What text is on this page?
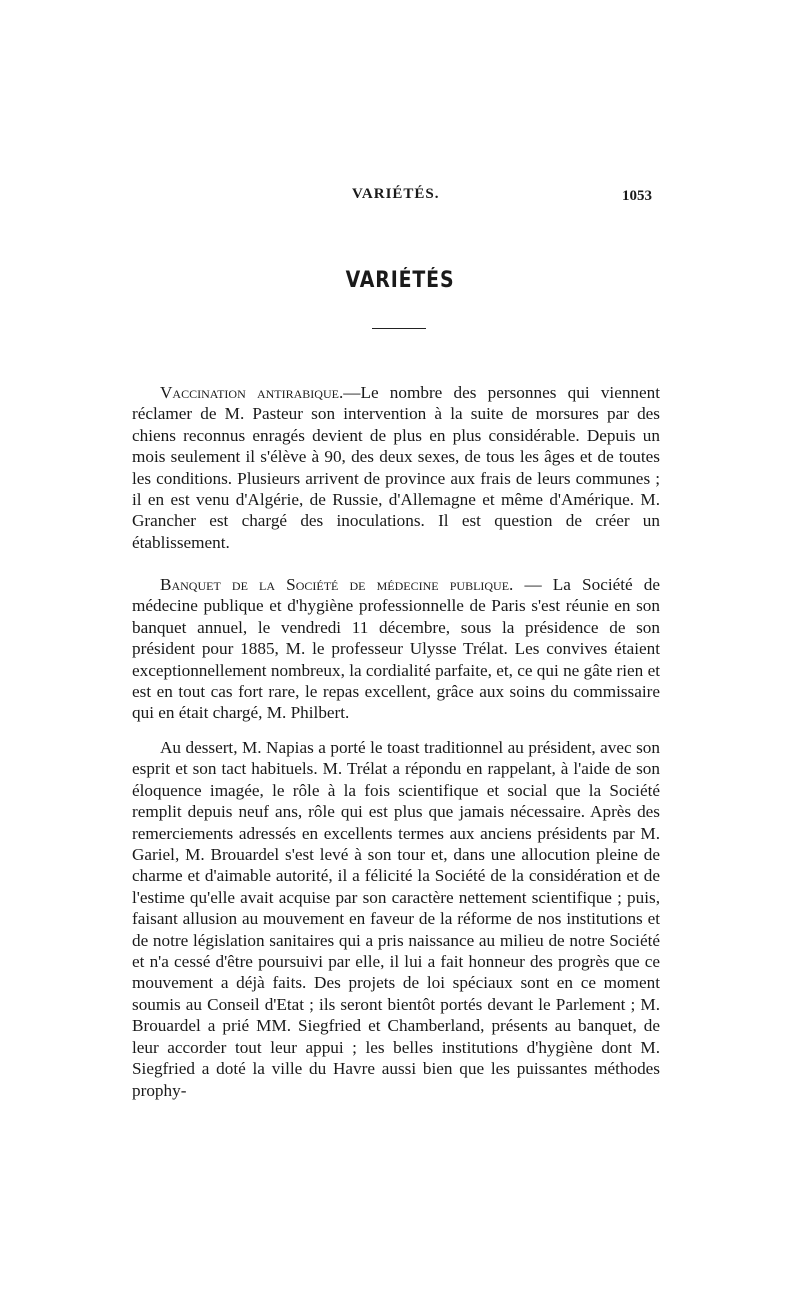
VARIÉTÉS.	1053
VARIÉTÉS

Vaccination antirabique.—Le nombre des personnes qui viennent réclamer de M. Pasteur son intervention à la suite de morsures par des chiens reconnus enragés devient de plus en plus considérable. Depuis un mois seulement il s'élève à 90, des deux sexes, de tous les âges et de toutes les conditions. Plusieurs arrivent de province aux frais de leurs communes ; il en est venu d'Algérie, de Russie, d'Allemagne et même d'Amérique. M. Grancher est chargé des inoculations. Il est question de créer un établissement.

Banquet de la Société de médecine publique. — La Société de médecine publique et d'hygiène professionnelle de Paris s'est réunie en son banquet annuel, le vendredi 11 décembre, sous la présidence de son président pour 1885, M. le professeur Ulysse Trélat. Les convives étaient exceptionnellement nombreux, la cordialité parfaite, et, ce qui ne gâte rien et est en tout cas fort rare, le repas excellent, grâce aux soins du commissaire qui en était chargé, M. Philbert.

Au dessert, M. Napias a porté le toast traditionnel au président, avec son esprit et son tact habituels. M. Trélat a répondu en rappelant, à l'aide de son éloquence imagée, le rôle à la fois scientifique et social que la Société remplit depuis neuf ans, rôle qui est plus que jamais nécessaire. Après des remerciements adressés en excellents termes aux anciens présidents par M. Gariel, M. Brouardel s'est levé à son tour et, dans une allocution pleine de charme et d'aimable autorité, il a félicité la Société de la considération et de l'estime qu'elle avait acquise par son caractère nettement scientifique ; puis, faisant allusion au mouvement en faveur de la réforme de nos institutions et de notre législation sanitaires qui a pris naissance au milieu de notre Société et n'a cessé d'être poursuivi par elle, il lui a fait honneur des progrès que ce mouvement a déjà faits. Des projets de loi spéciaux sont en ce moment soumis au Conseil d'Etat ; ils seront bientôt portés devant le Parlement ; M. Brouardel a prié MM. Siegfried et Chamberland, présents au banquet, de leur accorder tout leur appui ; les belles institutions d'hygiène dont M. Siegfried a doté la ville du Havre aussi bien que les puissantes méthodes prophy-
